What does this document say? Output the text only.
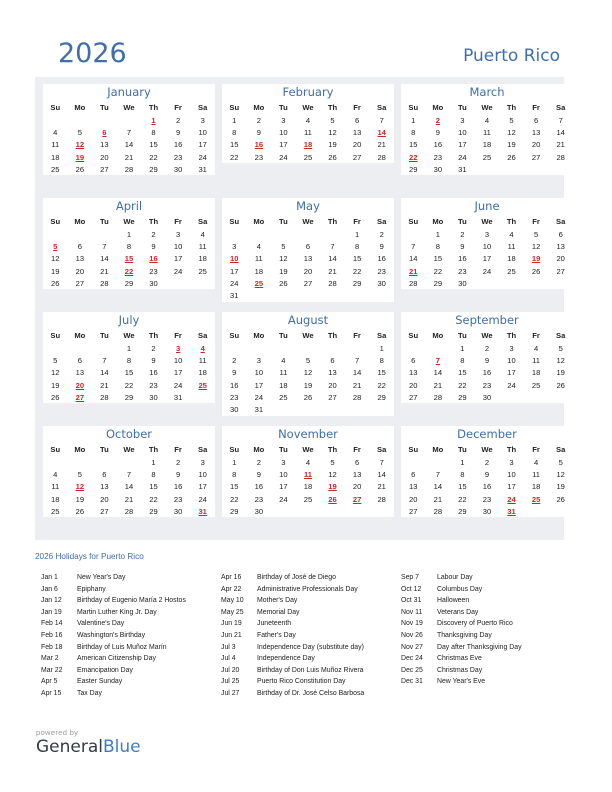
2026	Puerto Rico
January
Su	Mo	Tu	We	Th	Fr	Sa
				1	2	3
4	5	6	7	8	9	10
11	12	13	14	15	16	17
18	19	20	21	22	23	24
25	26	27	28	29	30	31
February
Su	Mo	Tu	We	Th	Fr	Sa
1	2	3	4	5	6	7
8	9	10	11	12	13	14
15	16	17	18	19	20	21
22	23	24	25	26	27	28
March
Su	Mo	Tu	We	Th	Fr	Sa
1	2	3	4	5	6	7
8	9	10	11	12	13	14
15	16	17	18	19	20	21
22	23	24	25	26	27	28
29	30	31				
April
Su	Mo	Tu	We	Th	Fr	Sa
			1	2	3	4
5	6	7	8	9	10	11
12	13	14	15	16	17	18
19	20	21	22	23	24	25
26	27	28	29	30		
May
Su	Mo	Tu	We	Th	Fr	Sa
					1	2
3	4	5	6	7	8	9
10	11	12	13	14	15	16
17	18	19	20	21	22	23
24	25	26	27	28	29	30
31						
June
Su	Mo	Tu	We	Th	Fr	Sa
	1	2	3	4	5	6
7	8	9	10	11	12	13
14	15	16	17	18	19	20
21	22	23	24	25	26	27
28	29	30				
July
Su	Mo	Tu	We	Th	Fr	Sa
			1	2	3	4
5	6	7	8	9	10	11
12	13	14	15	16	17	18
19	20	21	22	23	24	25
26	27	28	29	30	31	
August
Su	Mo	Tu	We	Th	Fr	Sa
						1
2	3	4	5	6	7	8
9	10	11	12	13	14	15
16	17	18	19	20	21	22
23	24	25	26	27	28	29
30	31					
September
Su	Mo	Tu	We	Th	Fr	Sa
		1	2	3	4	5
6	7	8	9	10	11	12
13	14	15	16	17	18	19
20	21	22	23	24	25	26
27	28	29	30			
October
Su	Mo	Tu	We	Th	Fr	Sa
				1	2	3
4	5	6	7	8	9	10
11	12	13	14	15	16	17
18	19	20	21	22	23	24
25	26	27	28	29	30	31
November
Su	Mo	Tu	We	Th	Fr	Sa
1	2	3	4	5	6	7
8	9	10	11	12	13	14
15	16	17	18	19	20	21
22	23	24	25	26	27	28
29	30					
December
Su	Mo	Tu	We	Th	Fr	Sa
		1	2	3	4	5
6	7	8	9	10	11	12
13	14	15	16	17	18	19
20	21	22	23	24	25	26
27	28	29	30	31		
2026 Holidays for Puerto Rico
Jan 1	New Year's Day
Jan 6	Epiphany
Jan 12	Birthday of Eugenio María 2 Hostos
Jan 19	Martin Luther King Jr. Day
Feb 14	Valentine's Day
Feb 16	Washington's Birthday
Feb 18	Birthday of Luis Muñoz Marín
Mar 2	American Citizenship Day
Mar 22	Emancipation Day
Apr 5	Easter Sunday
Apr 15	Tax Day
Apr 16	Birthday of José de Diego
Apr 22	Administrative Professionals Day
May 10	Mother's Day
May 25	Memorial Day
Jun 19	Juneteenth
Jun 21	Father's Day
Jul 3	Independence Day (substitute day)
Jul 4	Independence Day
Jul 20	Birthday of Don Luis Muñoz Rivera
Jul 25	Puerto Rico Constitution Day
Jul 27	Birthday of Dr. José Celso Barbosa
Sep 7	Labour Day
Oct 12	Columbus Day
Oct 31	Halloween
Nov 11	Veterans Day
Nov 19	Discovery of Puerto Rico
Nov 26	Thanksgiving Day
Nov 27	Day after Thanksgiving Day
Dec 24	Christmas Eve
Dec 25	Christmas Day
Dec 31	New Year's Eve
powered by
GeneralBlue
